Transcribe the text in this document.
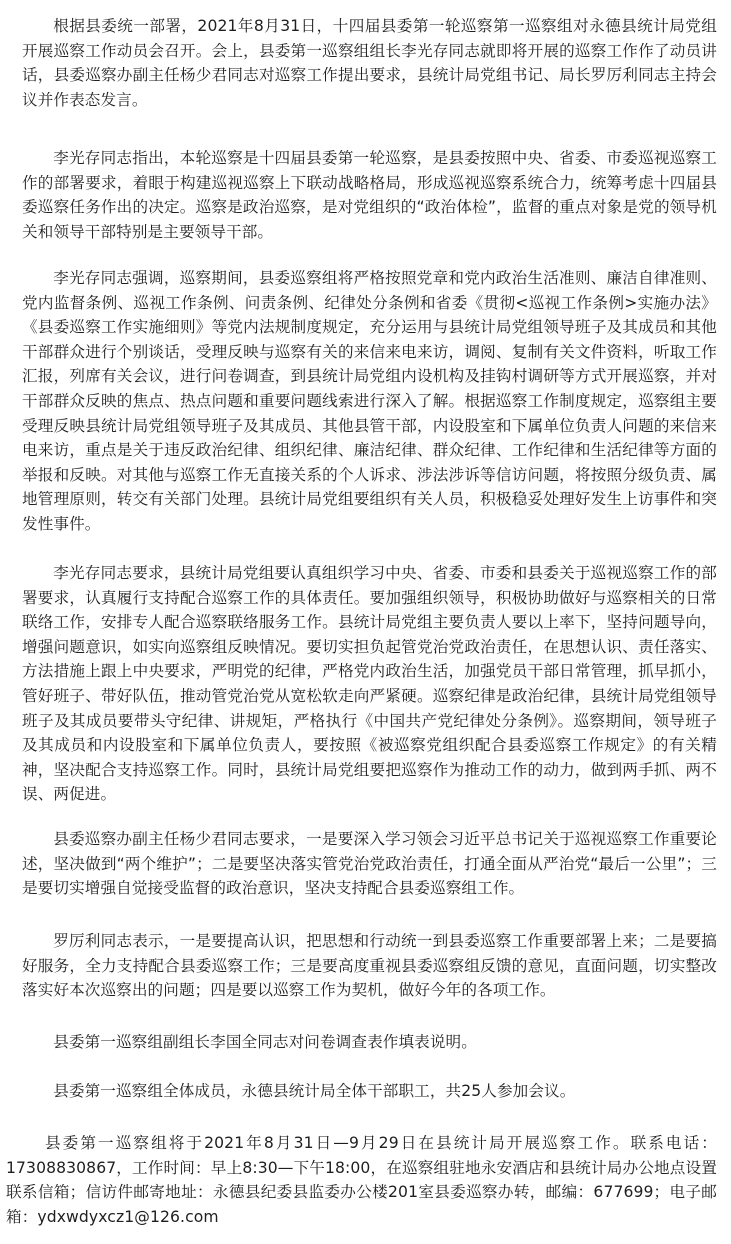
根据县委统一部署，2021年8月31日，十四届县委第一轮巡察第一巡察组对永德县统计局党组开展巡察工作动员会召开。会上，县委第一巡察组组长李光存同志就即将开展的巡察工作作了动员讲话，县委巡察办副主任杨少君同志对巡察工作提出要求，县统计局党组书记、局长罗厉利同志主持会议并作表态发言。

李光存同志指出，本轮巡察是十四届县委第一轮巡察，是县委按照中央、省委、市委巡视巡察工作的部署要求，着眼于构建巡视巡察上下联动战略格局，形成巡视巡察系统合力，统筹考虑十四届县委巡察任务作出的决定。巡察是政治巡察，是对党组织的“政治体检”，监督的重点对象是党的领导机关和领导干部特别是主要领导干部。

李光存同志强调，巡察期间，县委巡察组将严格按照党章和党内政治生活准则、廉洁自律准则、党内监督条例、巡视工作条例、问责条例、纪律处分条例和省委《贯彻<巡视工作条例>实施办法》《县委巡察工作实施细则》等党内法规制度规定，充分运用与县统计局党组领导班子及其成员和其他干部群众进行个别谈话，受理反映与巡察有关的来信来电来访，调阅、复制有关文件资料，听取工作汇报，列席有关会议，进行问卷调查，到县统计局党组内设机构及挂钩村调研等方式开展巡察，并对干部群众反映的焦点、热点问题和重要问题线索进行深入了解。根据巡察工作制度规定，巡察组主要受理反映县统计局党组领导班子及其成员、其他县管干部，内设股室和下属单位负责人问题的来信来电来访，重点是关于违反政治纪律、组织纪律、廉洁纪律、群众纪律、工作纪律和生活纪律等方面的举报和反映。对其他与巡察工作无直接关系的个人诉求、涉法涉诉等信访问题，将按照分级负责、属地管理原则，转交有关部门处理。县统计局党组要组织有关人员，积极稳妥处理好发生上访事件和突发性事件。

李光存同志要求，县统计局党组要认真组织学习中央、省委、市委和县委关于巡视巡察工作的部署要求，认真履行支持配合巡察工作的具体责任。要加强组织领导，积极协助做好与巡察相关的日常联络工作，安排专人配合巡察联络服务工作。县统计局党组主要负责人要以上率下，坚持问题导向，增强问题意识，如实向巡察组反映情况。要切实担负起管党治党政治责任，在思想认识、责任落实、方法措施上跟上中央要求，严明党的纪律，严格党内政治生活，加强党员干部日常管理，抓早抓小，管好班子、带好队伍，推动管党治党从宽松软走向严紧硬。巡察纪律是政治纪律，县统计局党组领导班子及其成员要带头守纪律、讲规矩，严格执行《中国共产党纪律处分条例》。巡察期间，领导班子及其成员和内设股室和下属单位负责人，要按照《被巡察党组织配合县委巡察工作规定》的有关精神，坚决配合支持巡察工作。同时，县统计局党组要把巡察作为推动工作的动力，做到两手抓、两不误、两促进。

县委巡察办副主任杨少君同志要求，一是要深入学习领会习近平总书记关于巡视巡察工作重要论述，坚决做到“两个维护”；二是要坚决落实管党治党政治责任，打通全面从严治党“最后一公里”；三是要切实增强自觉接受监督的政治意识，坚决支持配合县委巡察组工作。

罗厉利同志表示，一是要提高认识，把思想和行动统一到县委巡察工作重要部署上来；二是要搞好服务，全力支持配合县委巡察工作；三是要高度重视县委巡察组反馈的意见，直面问题，切实整改落实好本次巡察出的问题；四是要以巡察工作为契机，做好今年的各项工作。

县委第一巡察组副组长李国全同志对问卷调查表作填表说明。

县委第一巡察组全体成员，永德县统计局全体干部职工，共25人参加会议。

县委第一巡察组将于2021年8月31日—9月29日在县统计局开展巡察工作。联系电话：17308830867，工作时间：早上8:30—下午18:00，在巡察组驻地永安酒店和县统计局办公地点设置联系信箱；信访件邮寄地址：永德县纪委县监委办公楼201室县委巡察办转，邮编：677699；电子邮箱：ydxwdyxcz1@126.com
